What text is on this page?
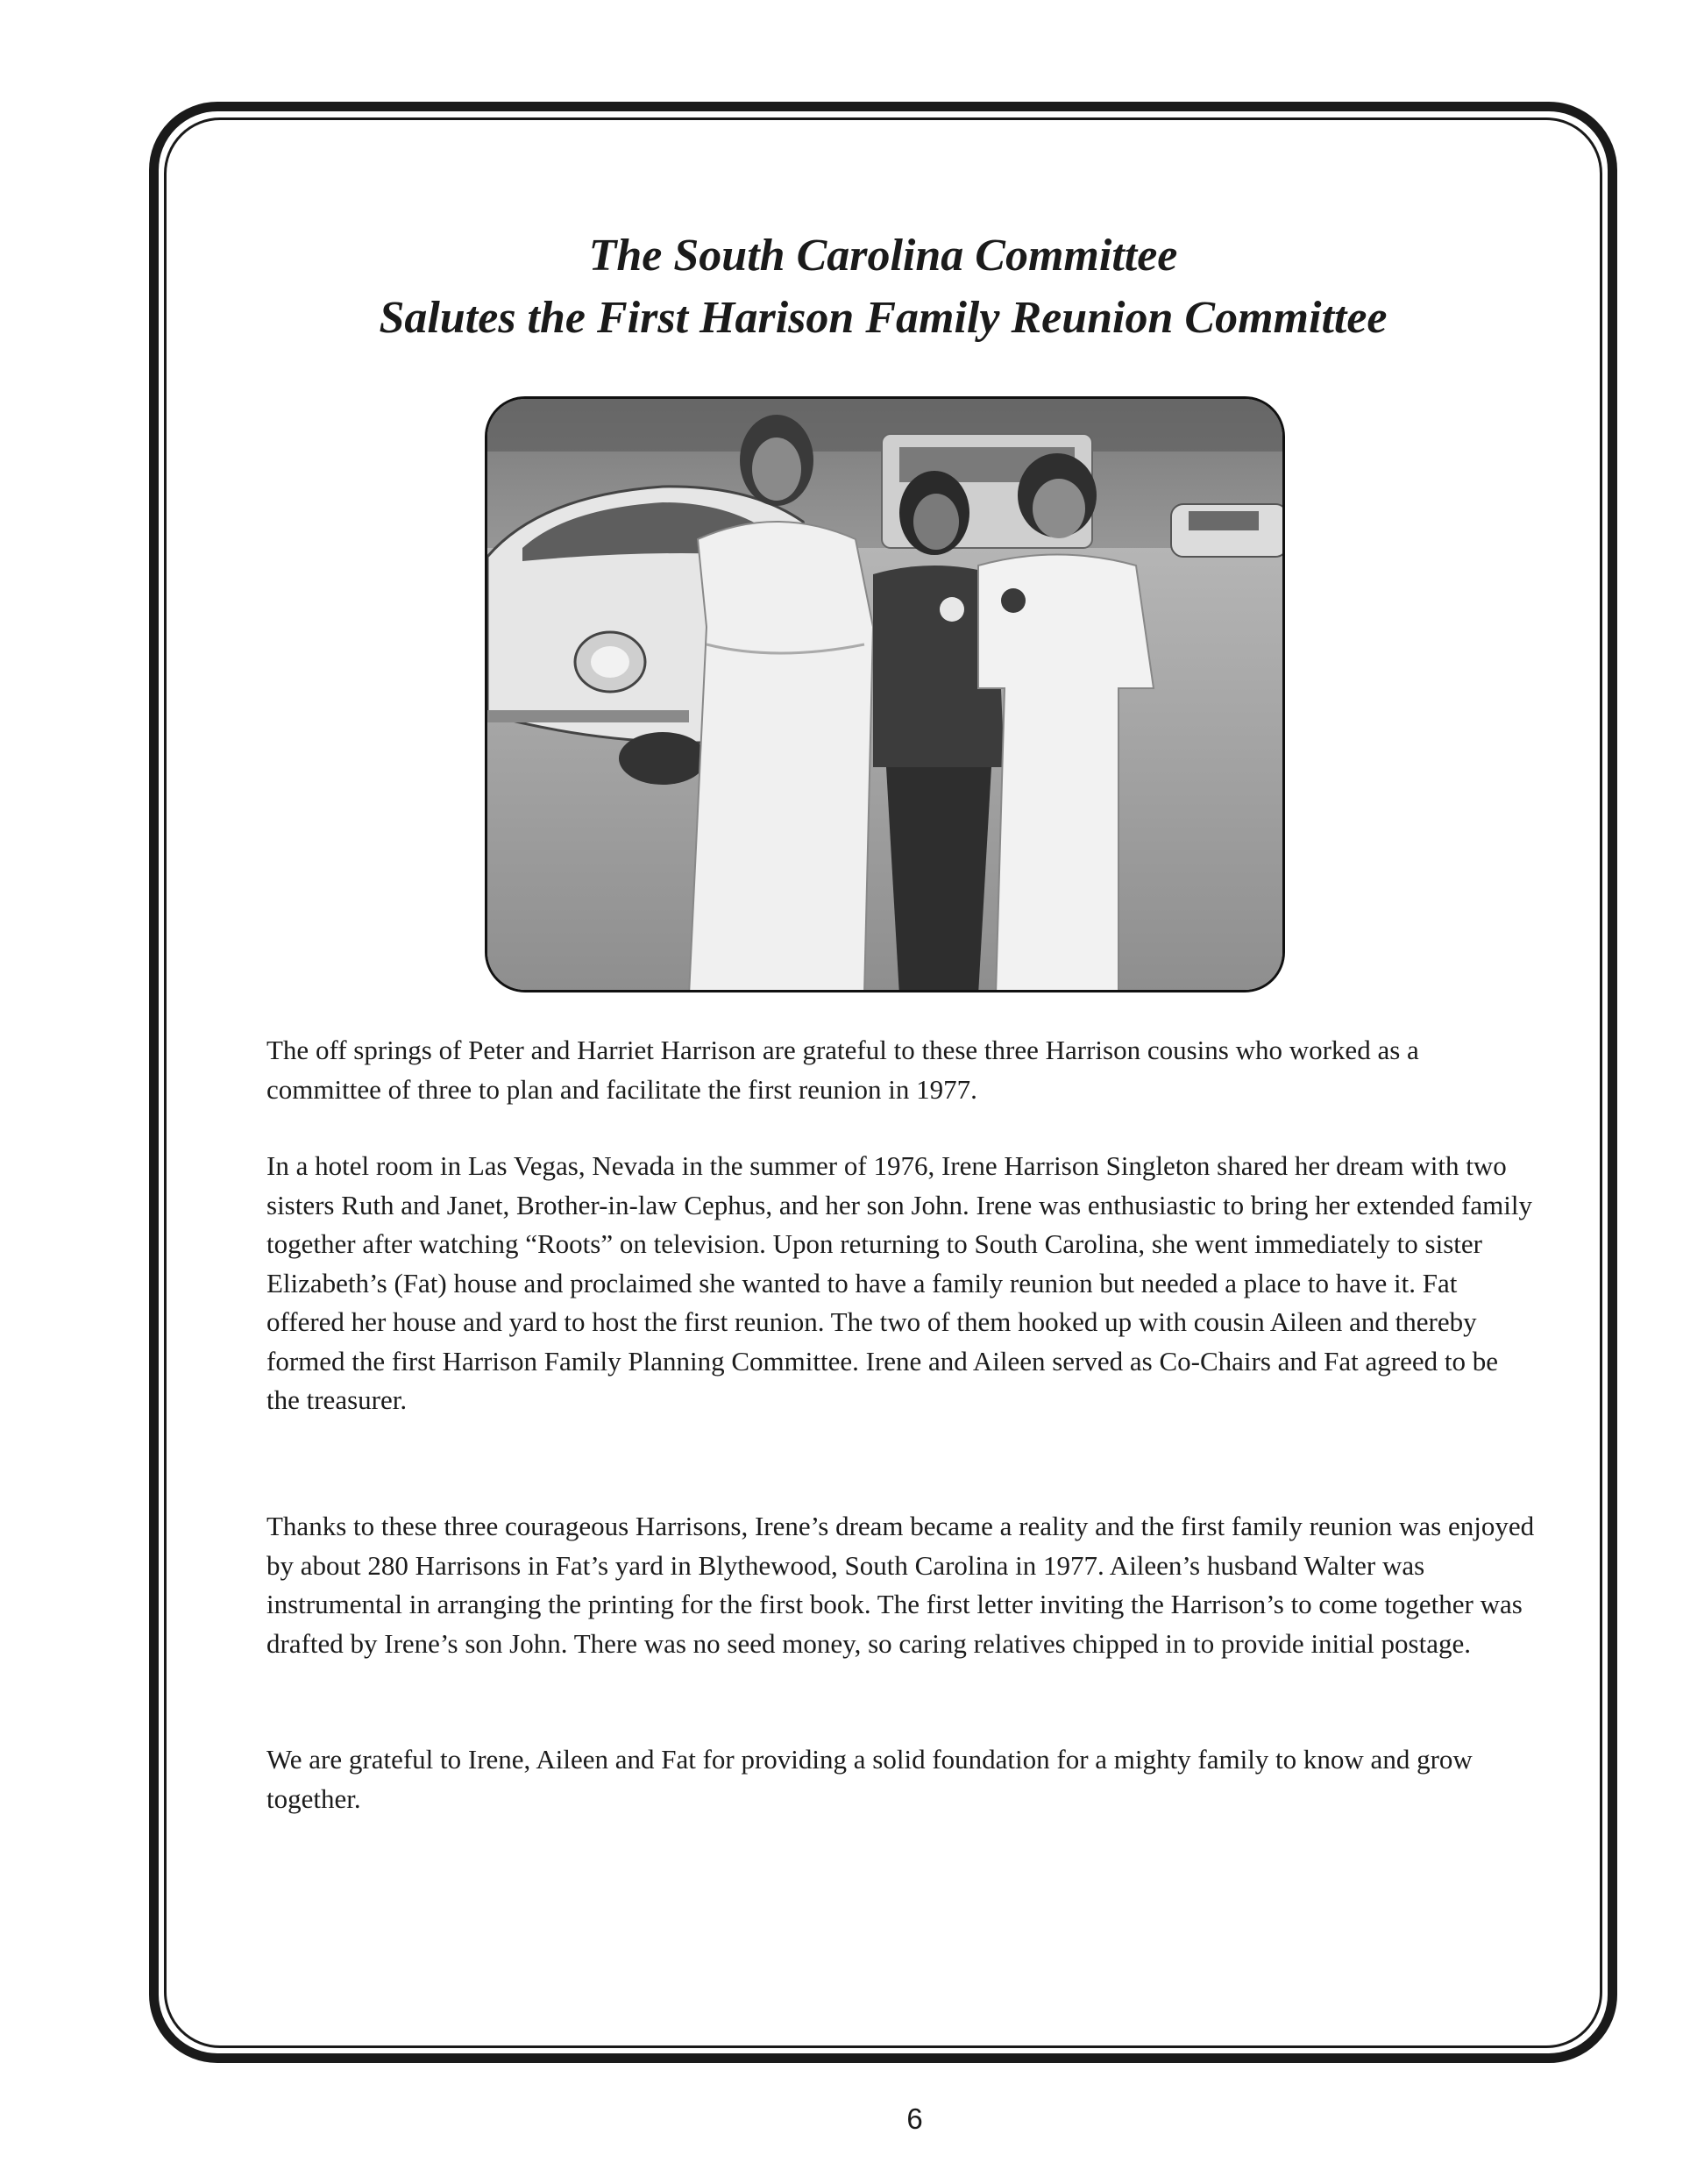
The South Carolina Committee
Salutes the First Harison Family Reunion Committee

The off springs of Peter and Harriet Harrison are grateful to these three Harrison cousins who worked as a committee of three to plan and facilitate the first reunion in 1977.

In a hotel room in Las Vegas, Nevada in the summer of 1976, Irene Harrison Singleton shared her dream with two sisters Ruth and Janet, Brother-in-law Cephus, and her son John. Irene was enthusiastic to bring her extended family together after watching “Roots” on television. Upon returning to South Carolina, she went immediately to sister Elizabeth’s (Fat) house and proclaimed she wanted to have a family reunion but needed a place to have it. Fat offered her house and yard to host the first reunion. The two of them hooked up with cousin Aileen and thereby formed the first Harrison Family Planning Committee. Irene and Aileen served as Co-Chairs and Fat agreed to be the treasurer.

Thanks to these three courageous Harrisons, Irene’s dream became a reality and the first family reunion was enjoyed by about 280 Harrisons in Fat’s yard in Blythewood, South Carolina in 1977. Aileen’s husband Walter was instrumental in arranging the printing for the first book. The first letter inviting the Harrison’s to come together was drafted by Irene’s son John. There was no seed money, so caring relatives chipped in to provide initial postage.

We are grateful to Irene, Aileen and Fat for providing a solid foundation for a mighty family to know and grow together.

6
